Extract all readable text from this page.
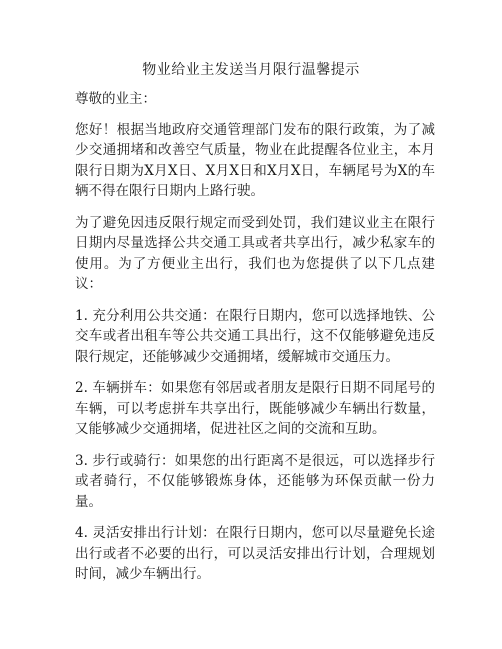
物业给业主发送当月限行温馨提示

尊敬的业主：

您好！根据当地政府交通管理部门发布的限行政策，为了减少交通拥堵和改善空气质量，物业在此提醒各位业主，本月限行日期为X月X日、X月X日和X月X日，车辆尾号为X的车辆不得在限行日期内上路行驶。

为了避免因违反限行规定而受到处罚，我们建议业主在限行日期内尽量选择公共交通工具或者共享出行，减少私家车的使用。为了方便业主出行，我们也为您提供了以下几点建议：

1. 充分利用公共交通：在限行日期内，您可以选择地铁、公交车或者出租车等公共交通工具出行，这不仅能够避免违反限行规定，还能够减少交通拥堵，缓解城市交通压力。

2. 车辆拼车：如果您有邻居或者朋友是限行日期不同尾号的车辆，可以考虑拼车共享出行，既能够减少车辆出行数量，又能够减少交通拥堵，促进社区之间的交流和互助。

3. 步行或骑行：如果您的出行距离不是很远，可以选择步行或者骑行，不仅能够锻炼身体，还能够为环保贡献一份力量。

4. 灵活安排出行计划：在限行日期内，您可以尽量避免长途出行或者不必要的出行，可以灵活安排出行计划，合理规划时间，减少车辆出行。
